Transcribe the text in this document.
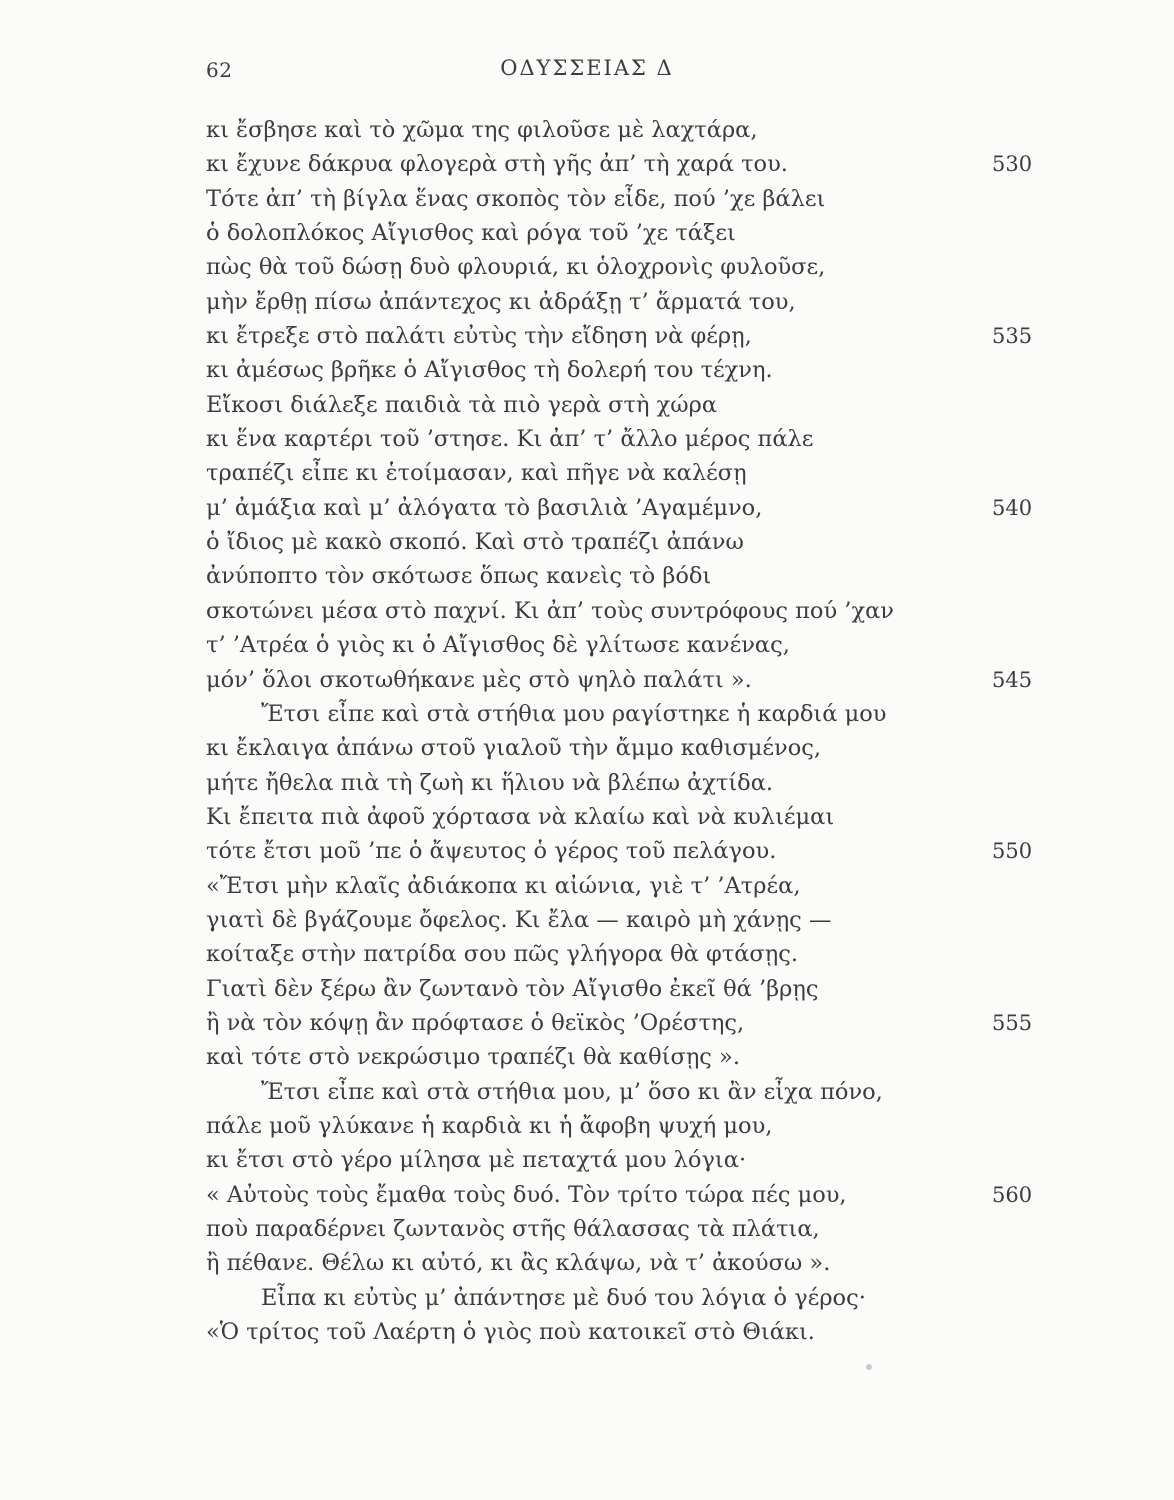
62	ΟΔΥΣΣΕΙΑΣ Δ
κι ἔσβησε καὶ τὸ χῶμα της φιλοῦσε μὲ λαχτάρα,
κι ἔχυνε δάκρυα φλογερὰ στὴ γῆς ἀπ’ τὴ χαρά του.	530
Τότε ἀπ’ τὴ βίγλα ἕνας σκοπὸς τὸν εἶδε, πού ’χε βάλει
ὁ δολοπλόκος Αἴγισθος καὶ ρόγα τοῦ ’χε τάξει
πὼς θὰ τοῦ δώσῃ δυὸ φλουριά, κι ὁλοχρονὶς φυλοῦσε,
μὴν ἔρθῃ πίσω ἀπάντεχος κι ἀδράξῃ τ’ ἅρματά του,
κι ἔτρεξε στὸ παλάτι εὐτὺς τὴν εἴδηση νὰ φέρῃ,	535
κι ἀμέσως βρῆκε ὁ Αἴγισθος τὴ δολερή του τέχνη.
Εἴκοσι διάλεξε παιδιὰ τὰ πιὸ γερὰ στὴ χώρα
κι ἕνα καρτέρι τοῦ ’στησε. Κι ἀπ’ τ’ ἄλλο μέρος πάλε
τραπέζι εἶπε κι ἑτοίμασαν, καὶ πῆγε νὰ καλέσῃ
μ’ ἀμάξια καὶ μ’ ἀλόγατα τὸ βασιλιὰ ’Αγαμέμνο,	540
ὁ ἴδιος μὲ κακὸ σκοπό. Καὶ στὸ τραπέζι ἀπάνω
ἀνύποπτο τὸν σκότωσε ὅπως κανεὶς τὸ βόδι
σκοτώνει μέσα στὸ παχνί. Κι ἀπ’ τοὺς συντρόφους πού ’χαν
τ’ ’Ατρέα ὁ γιὸς κι ὁ Αἴγισθος δὲ γλίτωσε κανένας,
μόν’ ὅλοι σκοτωθήκανε μὲς στὸ ψηλὸ παλάτι ».	545
Ἔτσι εἶπε καὶ στὰ στήθια μου ραγίστηκε ἡ καρδιά μου
κι ἔκλαιγα ἀπάνω στοῦ γιαλοῦ τὴν ἄμμο καθισμένος,
μήτε ἤθελα πιὰ τὴ ζωὴ κι ἥλιου νὰ βλέπω ἀχτίδα.
Κι ἔπειτα πιὰ ἀφοῦ χόρτασα νὰ κλαίω καὶ νὰ κυλιέμαι
τότε ἔτσι μοῦ ’πε ὁ ἄψευτος ὁ γέρος τοῦ πελάγου.	550
«Ἔτσι μὴν κλαῖς ἀδιάκοπα κι αἰώνια, γιὲ τ’ ’Ατρέα,
γιατὶ δὲ βγάζουμε ὄφελος. Κι ἔλα — καιρὸ μὴ χάνῃς —
κοίταξε στὴν πατρίδα σου πῶς γλήγορα θὰ φτάσῃς.
Γιατὶ δὲν ξέρω ἂν ζωντανὸ τὸν Αἴγισθο ἐκεῖ θά ’βρῃς
ἢ νὰ τὸν κόψῃ ἂν πρόφτασε ὁ θεϊκὸς ’Ορέστης,	555
καὶ τότε στὸ νεκρώσιμο τραπέζι θὰ καθίσῃς ».
Ἔτσι εἶπε καὶ στὰ στήθια μου, μ’ ὅσο κι ἂν εἶχα πόνο,
πάλε μοῦ γλύκανε ἡ καρδιὰ κι ἡ ἄφοβη ψυχή μου,
κι ἔτσι στὸ γέρο μίλησα μὲ πεταχτά μου λόγια·
« Αὐτοὺς τοὺς ἔμαθα τοὺς δυό. Τὸν τρίτο τώρα πές μου,	560
ποὺ παραδέρνει ζωντανὸς στῆς θάλασσας τὰ πλάτια,
ἢ πέθανε. Θέλω κι αὐτό, κι ἂς κλάψω, νὰ τ’ ἀκούσω ».
Εἶπα κι εὐτὺς μ’ ἀπάντησε μὲ δυό του λόγια ὁ γέρος·
«Ὁ τρίτος τοῦ Λαέρτη ὁ γιὸς ποὺ κατοικεῖ στὸ Θιάκι.
